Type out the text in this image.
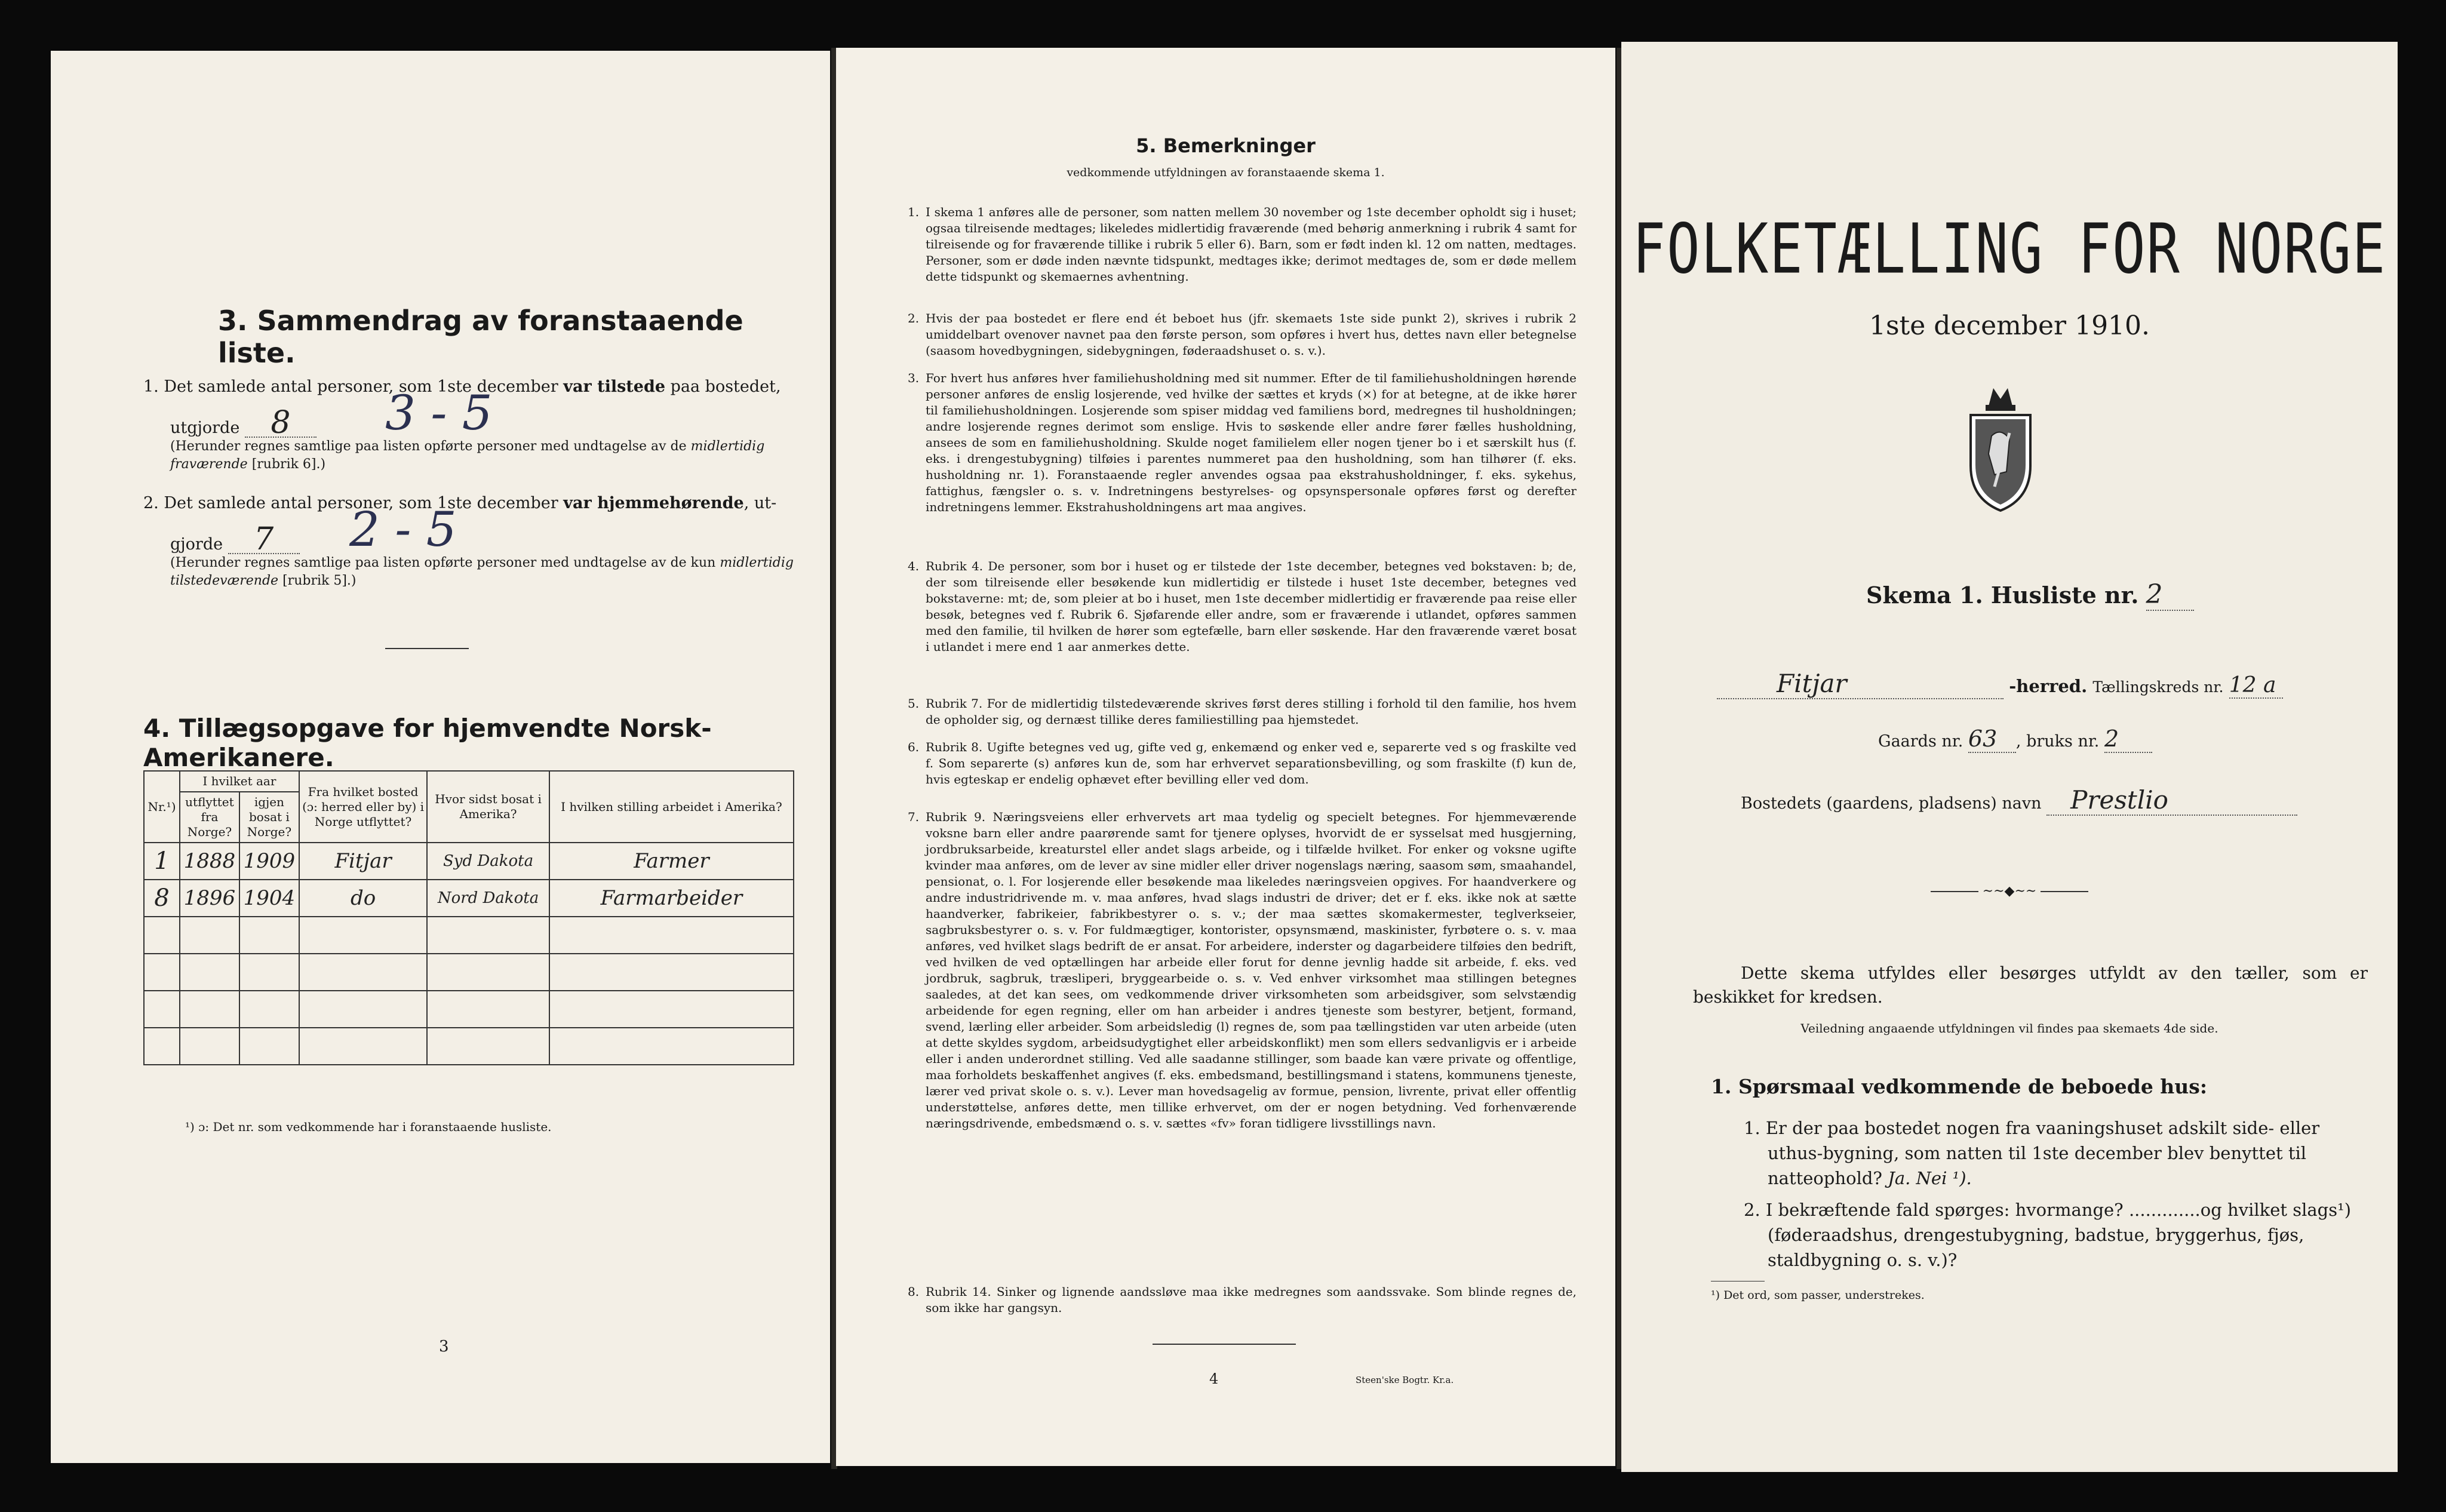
3. Sammendrag av foranstaaende liste.
1. Det samlede antal personer, som 1ste december var tilstede paa bostedet,
utgjorde 8	3 - 5
(Herunder regnes samtlige paa listen opførte personer med undtagelse av de midlertidig fraværende [rubrik 6].)
2. Det samlede antal personer, som 1ste december var hjemmehørende, ut-
gjorde 7	2 - 5
(Herunder regnes samtlige paa listen opførte personer med undtagelse av de kun midlertidig tilstedeværende [rubrik 5].)
4. Tillægsopgave for hjemvendte Norsk-Amerikanere.
Nr.¹)	I hvilket aar		Fra hvilket bosted (ɔ: herred eller by) i Norge utflyttet?	Hvor sidst bosat i Amerika?	I hvilken stilling arbeidet i Amerika?
	utflyttet fra Norge?	igjen bosat i Norge?			
1	1888	1909	Fitjar	Syd Dakota	Farmer
8	1896	1904	do	Nord Dakota	Farmarbeider

¹) ɔ: Det nr. som vedkommende har i foranstaaende husliste.
3
5. Bemerkninger
vedkommende utfyldningen av foranstaaende skema 1.
1. I skema 1 anføres alle de personer, som natten mellem 30 november og 1ste december opholdt sig i huset; ogsaa tilreisende medtages; likeledes midlertidig fraværende (med behørig anmerkning i rubrik 4 samt for tilreisende og for fraværende tillike i rubrik 5 eller 6). Barn, som er født inden kl. 12 om natten, medtages. Personer, som er døde inden nævnte tidspunkt, medtages ikke; derimot medtages de, som er døde mellem dette tidspunkt og skemaernes avhentning.
2. Hvis der paa bostedet er flere end ét beboet hus (jfr. skemaets 1ste side punkt 2), skrives i rubrik 2 umiddelbart ovenover navnet paa den første person, som opføres i hvert hus, dettes navn eller betegnelse (saasom hovedbygningen, sidebygningen, føderaadshuset o. s. v.).
3. For hvert hus anføres hver familiehusholdning med sit nummer. Efter de til familiehusholdningen hørende personer anføres de enslig losjerende, ved hvilke der sættes et kryds (×) for at betegne, at de ikke hører til familiehusholdningen. Losjerende som spiser middag ved familiens bord, medregnes til husholdningen; andre losjerende regnes derimot som enslige. Hvis to søskende eller andre fører fælles husholdning, ansees de som en familiehusholdning. Skulde noget familielem eller nogen tjener bo i et særskilt hus (f. eks. i drengestubygning) tilføies i parentes nummeret paa den husholdning, som han tilhører (f. eks. husholdning nr. 1). Foranstaaende regler anvendes ogsaa paa ekstrahusholdninger, f. eks. sykehus, fattighus, fængsler o. s. v. Indretningens bestyrelses- og opsynspersonale opføres først og derefter indretningens lemmer. Ekstrahusholdningens art maa angives.
4. Rubrik 4. De personer, som bor i huset og er tilstede der 1ste december, betegnes ved bokstaven: b; de, der som tilreisende eller besøkende kun midlertidig er tilstede i huset 1ste december, betegnes ved bokstaverne: mt; de, som pleier at bo i huset, men 1ste december midlertidig er fraværende paa reise eller besøk, betegnes ved f. Rubrik 6. Sjøfarende eller andre, som er fraværende i utlandet, opføres sammen med den familie, til hvilken de hører som egtefælle, barn eller søskende. Har den fraværende været bosat i utlandet i mere end 1 aar anmerkes dette.
5. Rubrik 7. For de midlertidig tilstedeværende skrives først deres stilling i forhold til den familie, hos hvem de opholder sig, og dernæst tillike deres familiestilling paa hjemstedet.
6. Rubrik 8. Ugifte betegnes ved ug, gifte ved g, enkemænd og enker ved e, separerte ved s og fraskilte ved f. Som separerte (s) anføres kun de, som har erhvervet separationsbevilling, og som fraskilte (f) kun de, hvis egteskap er endelig ophævet efter bevilling eller ved dom.
7. Rubrik 9. Næringsveiens eller erhvervets art maa tydelig og specielt betegnes. For hjemmeværende voksne barn eller andre paarørende samt for tjenere oplyses, hvorvidt de er sysselsat med husgjerning, jordbruksarbeide, kreaturstel eller andet slags arbeide, og i tilfælde hvilket. For enker og voksne ugifte kvinder maa anføres, om de lever av sine midler eller driver nogenslags næring, saasom søm, smaahandel, pensionat, o. l. For losjerende eller besøkende maa likeledes næringsveien opgives. For haandverkere og andre industridrivende m. v. maa anføres, hvad slags industri de driver; det er f. eks. ikke nok at sætte haandverker, fabrikeier, fabrikbestyrer o. s. v.; der maa sættes skomakermester, teglverkseier, sagbruksbestyrer o. s. v. For fuldmægtiger, kontorister, opsynsmænd, maskinister, fyrbøtere o. s. v. maa anføres, ved hvilket slags bedrift de er ansat. For arbeidere, inderster og dagarbeidere tilføies den bedrift, ved hvilken de ved optællingen har arbeide eller forut for denne jevnlig hadde sit arbeide, f. eks. ved jordbruk, sagbruk, træsliperi, bryggearbeide o. s. v. Ved enhver virksomhet maa stillingen betegnes saaledes, at det kan sees, om vedkommende driver virksomheten som arbeidsgiver, som selvstændig arbeidende for egen regning, eller om han arbeider i andres tjeneste som bestyrer, betjent, formand, svend, lærling eller arbeider. Som arbeidsledig (l) regnes de, som paa tællingstiden var uten arbeide (uten at dette skyldes sygdom, arbeidsudygtighet eller arbeidskonflikt) men som ellers sedvanligvis er i arbeide eller i anden underordnet stilling. Ved alle saadanne stillinger, som baade kan være private og offentlige, maa forholdets beskaffenhet angives (f. eks. embedsmand, bestillingsmand i statens, kommunens tjeneste, lærer ved privat skole o. s. v.). Lever man hovedsagelig av formue, pension, livrente, privat eller offentlig understøttelse, anføres dette, men tillike erhvervet, om der er nogen betydning. Ved forhenværende næringsdrivende, embedsmænd o. s. v. sættes «fv» foran tidligere livsstillings navn.
8. Rubrik 14. Sinker og lignende aandssløve maa ikke medregnes som aandssvake. Som blinde regnes de, som ikke har gangsyn.
4	Steen'ske Bogtr. Kr.a.
FOLKETÆLLING FOR NORGE
1ste december 1910.
Skema 1. Husliste nr. 2
Fitjar	-herred. Tællingskreds nr. 12 a
Gaards nr. 63 , bruks nr. 2
Bostedets (gaardens, pladsens) navn Prestlio
~~◆~~
Dette skema utfyldes eller besørges utfyldt av den tæller, som er beskikket for kredsen.
Veiledning angaaende utfyldningen vil findes paa skemaets 4de side.
1. Spørsmaal vedkommende de beboede hus:
1. Er der paa bostedet nogen fra vaaningshuset adskilt side- eller uthus-bygning, som natten til 1ste december blev benyttet til natteophold? Ja. Nei ¹).
2. I bekræftende fald spørges: hvormange? .............og hvilket slags¹) (føderaadshus, drengestubygning, badstue, bryggerhus, fjøs, staldbygning o. s. v.)?
¹) Det ord, som passer, understrekes.
